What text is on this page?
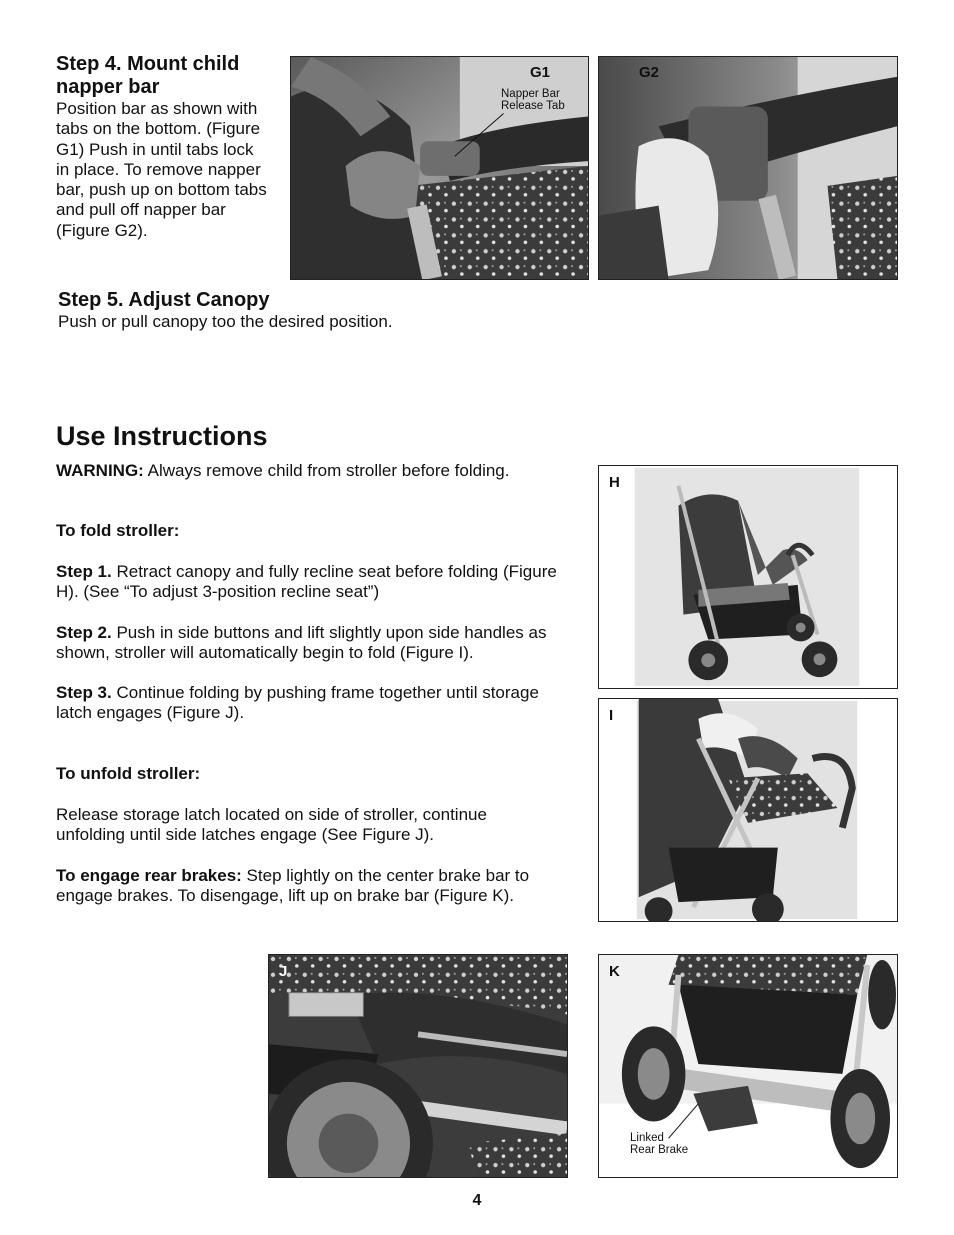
Step 4. Mount child napper bar
Position bar as shown with tabs on the bottom. (Figure G1) Push in until tabs lock in place. To remove napper bar, push up on bottom tabs and pull off napper bar (Figure G2).
G1
Napper Bar
Release Tab
G2
Step 5. Adjust Canopy
Push or pull canopy too the desired position.
Use Instructions
WARNING: Always remove child from stroller before folding.
To fold stroller:
Step 1. Retract canopy and fully recline seat before folding (Figure H). (See “To adjust 3-position recline seat”)
Step 2. Push in side buttons and lift slightly upon side handles as shown, stroller will automatically begin to fold (Figure I).
Step 3. Continue folding by pushing frame together until storage latch engages (Figure J).
To unfold stroller:
Release storage latch located on side of stroller, continue unfolding until side latches engage (See Figure J).
To engage rear brakes: Step lightly on the center brake bar to engage brakes. To disengage, lift up on brake bar (Figure K).
H
I
J	K
Linked
Rear Brake
4
